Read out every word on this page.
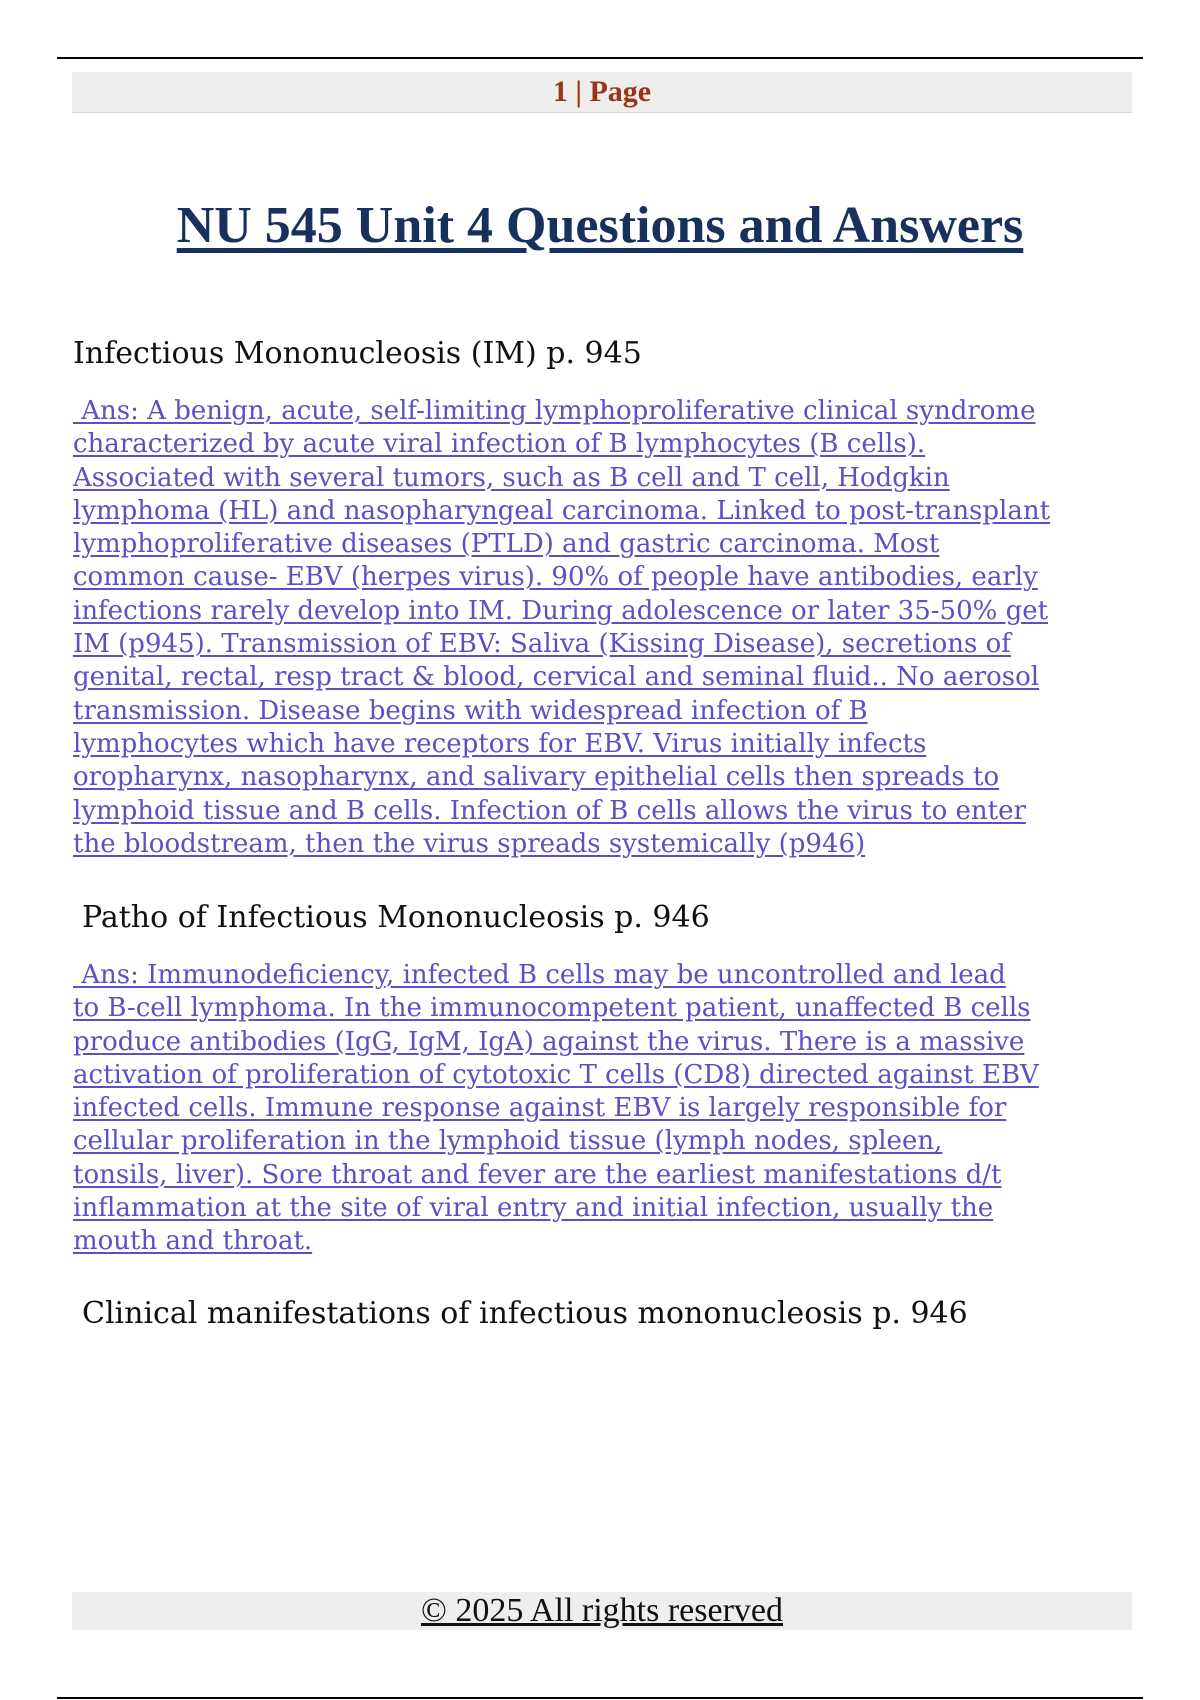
1 | Page
NU 545 Unit 4 Questions and Answers

Infectious Mononucleosis (IM) p. 945

Ans: A benign, acute, self-limiting lymphoproliferative clinical syndrome
characterized by acute viral infection of B lymphocytes (B cells).
Associated with several tumors, such as B cell and T cell, Hodgkin
lymphoma (HL) and nasopharyngeal carcinoma. Linked to post-transplant
lymphoproliferative diseases (PTLD) and gastric carcinoma. Most
common cause- EBV (herpes virus). 90% of people have antibodies, early
infections rarely develop into IM. During adolescence or later 35-50% get
IM (p945). Transmission of EBV: Saliva (Kissing Disease), secretions of
genital, rectal, resp tract & blood, cervical and seminal fluid.. No aerosol
transmission. Disease begins with widespread infection of B
lymphocytes which have receptors for EBV. Virus initially infects
oropharynx, nasopharynx, and salivary epithelial cells then spreads to
lymphoid tissue and B cells. Infection of B cells allows the virus to enter
the bloodstream, then the virus spreads systemically (p946)

Patho of Infectious Mononucleosis p. 946

Ans: Immunodeficiency, infected B cells may be uncontrolled and lead
to B-cell lymphoma. In the immunocompetent patient, unaffected B cells
produce antibodies (IgG, IgM, IgA) against the virus. There is a massive
activation of proliferation of cytotoxic T cells (CD8) directed against EBV
infected cells. Immune response against EBV is largely responsible for
cellular proliferation in the lymphoid tissue (lymph nodes, spleen,
tonsils, liver). Sore throat and fever are the earliest manifestations d/t
inflammation at the site of viral entry and initial infection, usually the
mouth and throat.

Clinical manifestations of infectious mononucleosis p. 946

© 2025 All rights reserved
